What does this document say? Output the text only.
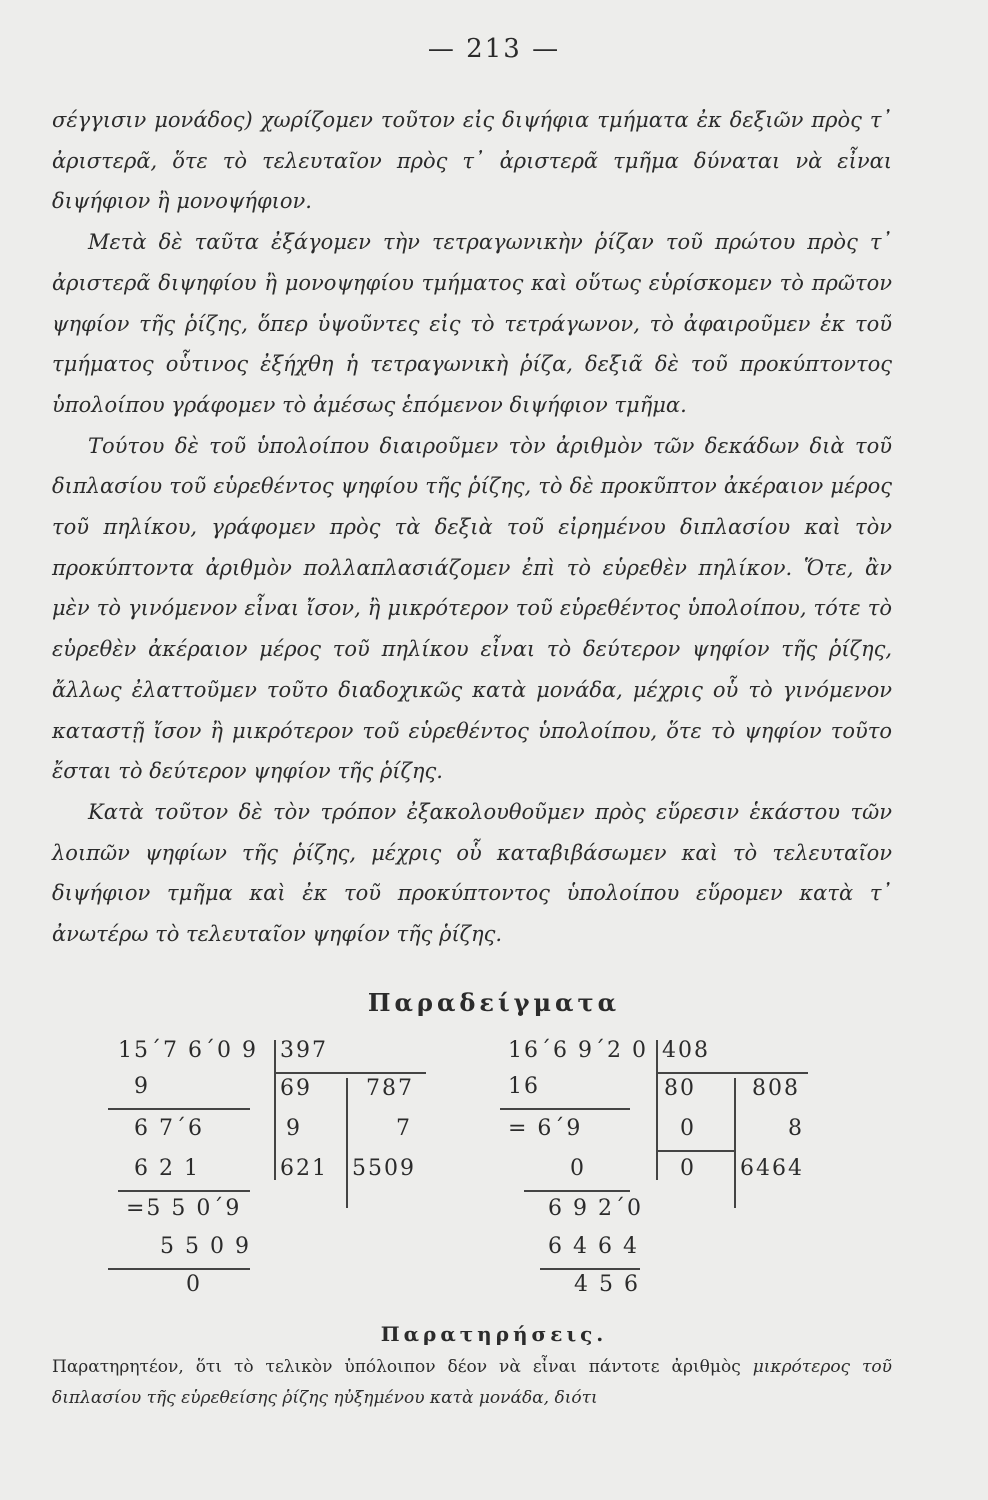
— 213 —

σέγγισιν μονάδος) χωρίζομεν τοῦτον εἰς διψήφια τμήματα ἐκ δεξιῶν πρὸς τ᾽ ἀριστερᾶ, ὅτε τὸ τελευταῖον πρὸς τ᾽ ἀριστερᾶ τμῆμα δύναται νὰ εἶναι διψήφιον ἢ μονοψήφιον.

Μετὰ δὲ ταῦτα ἐξάγομεν τὴν τετραγωνικὴν ῥίζαν τοῦ πρώτου πρὸς τ᾽ ἀριστερᾶ διψηφίου ἢ μονοψηφίου τμήματος καὶ οὕτως εὑρίσκομεν τὸ πρῶτον ψηφίον τῆς ῥίζης, ὅπερ ὑψοῦντες εἰς τὸ τετράγωνον, τὸ ἀφαιροῦμεν ἐκ τοῦ τμήματος οὗτινος ἐξήχθη ἡ τετραγωνικὴ ῥίζα, δεξιᾶ δὲ τοῦ προκύπτοντος ὑπολοίπου γράφομεν τὸ ἀμέσως ἑπόμενον διψήφιον τμῆμα.

Τούτου δὲ τοῦ ὑπολοίπου διαιροῦμεν τὸν ἀριθμὸν τῶν δεκάδων διὰ τοῦ διπλασίου τοῦ εὑρεθέντος ψηφίου τῆς ῥίζης, τὸ δὲ προκῦπτον ἀκέραιον μέρος τοῦ πηλίκου, γράφομεν πρὸς τὰ δεξιὰ τοῦ εἰρημένου διπλασίου καὶ τὸν προκύπτοντα ἀριθμὸν πολλαπλασιάζομεν ἐπὶ τὸ εὑρεθὲν πηλίκον. Ὅτε, ἂν μὲν τὸ γινόμενον εἶναι ἴσον, ἢ μικρότερον τοῦ εὑρεθέντος ὑπολοίπου, τότε τὸ εὑρεθὲν ἀκέραιον μέρος τοῦ πηλίκου εἶναι τὸ δεύτερον ψηφίον τῆς ῥίζης, ἄλλως ἐλαττοῦμεν τοῦτο διαδοχικῶς κατὰ μονάδα, μέχρις οὗ τὸ γινόμενον καταστῇ ἴσον ἢ μικρότερον τοῦ εὑρεθέντος ὑπολοίπου, ὅτε τὸ ψηφίον τοῦτο ἔσται τὸ δεύτερον ψηφίον τῆς ῥίζης.

Κατὰ τοῦτον δὲ τὸν τρόπον ἐξακολουθοῦμεν πρὸς εὕρεσιν ἑκάστου τῶν λοιπῶν ψηφίων τῆς ῥίζης, μέχρις οὗ καταβιβάσωμεν καὶ τὸ τελευταῖον διψήφιον τμῆμα καὶ ἐκ τοῦ προκύπτοντος ὑπολοίπου εὕρομεν κατὰ τ᾽ ἀνωτέρω τὸ τελευταῖον ψηφίον τῆς ῥίζης.

Παραδείγματα
15΄7 6΄0 9
9
6 7΄6
6 2 1
=5 5 0΄9
5 5 0 9
0
397
69
9
621
787
7
5509
16΄6 9΄2 0
16
= 6΄9
0
6 9 2΄0
6 4 6 4
4 5 6
408
80
0
0
808
8
6464
Παρατηρήσεις.

Παρατηρητέον, ὅτι τὸ τελικὸν ὑπόλοιπον δέον νὰ εἶναι πάντοτε ἀριθμὸς μικρότερος τοῦ διπλασίου τῆς εὑρεθείσης ῥίζης ηὐξημένου κατὰ μονάδα, διότι
